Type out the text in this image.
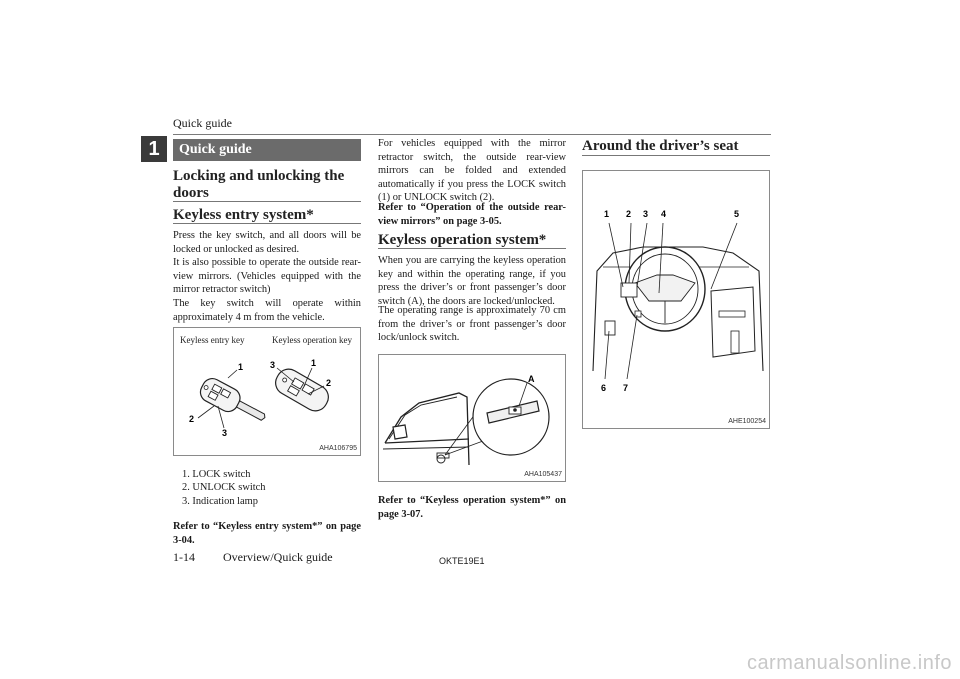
Quick guide
1	Quick guide
Locking and unlocking the doors
Keyless entry system*
Press the key switch, and all doors will be locked or unlocked as desired.
It is also possible to operate the outside rear-view mirrors. (Vehicles equipped with the mirror retractor switch)
The key switch will operate within approximately 4 m from the vehicle.
Keyless entry key	Keyless operation key
1
2
3
3	1
2
AHA106795
1. LOCK switch
2. UNLOCK switch
3. Indication lamp
Refer to “Keyless entry system*” on page 3-04.
For vehicles equipped with the mirror retractor switch, the outside rear-view mirrors can be folded and extended automatically if you press the LOCK switch (1) or UNLOCK switch (2).
Refer to “Operation of the outside rear-view mirrors” on page 3-05.
Keyless operation system*
When you are carrying the keyless operation key and within the operating range, if you press the driver’s or front passenger’s door switch (A), the doors are locked/unlocked.
The operating range is approximately 70 cm from the driver’s or front passenger’s door lock/unlock switch.
A
AHA105437
Refer to “Keyless operation system*” on page 3-07.
Around the driver’s seat
1 2 3 4	5
6 7
AHE100254
1-14 Overview/Quick guide	OKTE19E1
carmanualsonline.info
